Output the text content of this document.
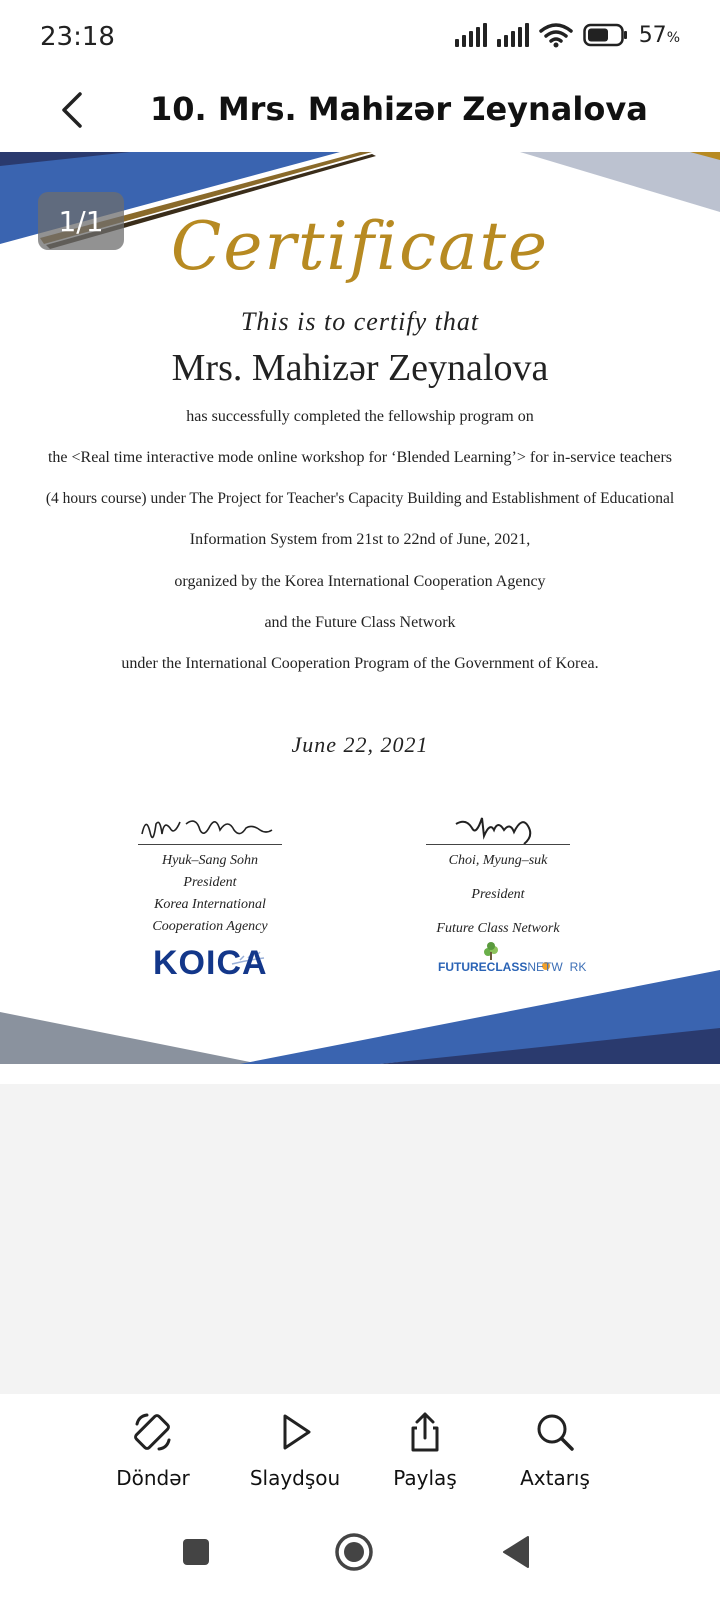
23:18	57%
10. Mrs. Mahizər Zeynalova
1/1	Certificate
This is to certify that
Mrs. Mahizər Zeynalova
has successfully completed the fellowship program on
the <Real time interactive mode online workshop for ‘Blended Learning’> for in-service teachers
(4 hours course) under The Project for Teacher's Capacity Building and Establishment of Educational
Information System from 21st to 22nd of June, 2021,
organized by the Korea International Cooperation Agency
and the Future Class Network
under the International Cooperation Program of the Government of Korea.
June 22, 2021
Hyuk–Sang Sohn
President
Korea International
Cooperation Agency
KOICA
Choi, Myung–suk
President
Future Class Network
FUTURECLASSNETW RK
Döndər	Slaydşou	Paylaş	Axtarış
